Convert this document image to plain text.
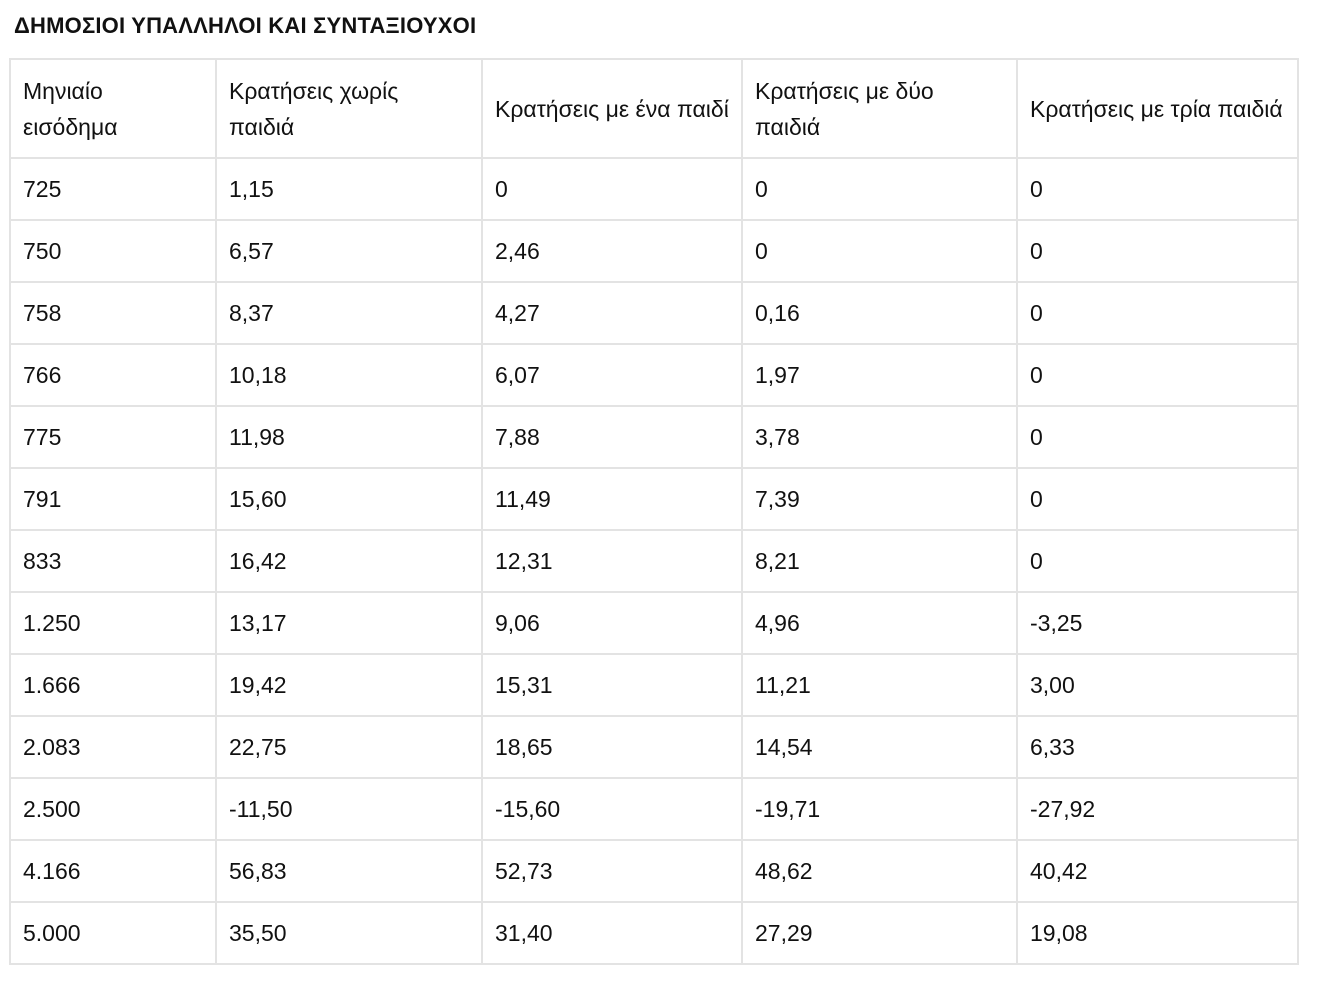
ΔΗΜΟΣΙΟΙ ΥΠΑΛΛΗΛΟΙ ΚΑΙ ΣΥΝΤΑΞΙΟΥΧΟΙ
Μηνιαίο εισόδημα	Κρατήσεις χωρίς παιδιά	Κρατήσεις με ένα παιδί	Κρατήσεις με δύο παιδιά	Κρατήσεις με τρία παιδιά
725	1,15	0	0	0
750	6,57	2,46	0	0
758	8,37	4,27	0,16	0
766	10,18	6,07	1,97	0
775	11,98	7,88	3,78	0
791	15,60	11,49	7,39	0
833	16,42	12,31	8,21	0
1.250	13,17	9,06	4,96	-3,25
1.666	19,42	15,31	11,21	3,00
2.083	22,75	18,65	14,54	6,33
2.500	-11,50	-15,60	-19,71	-27,92
4.166	56,83	52,73	48,62	40,42
5.000	35,50	31,40	27,29	19,08
